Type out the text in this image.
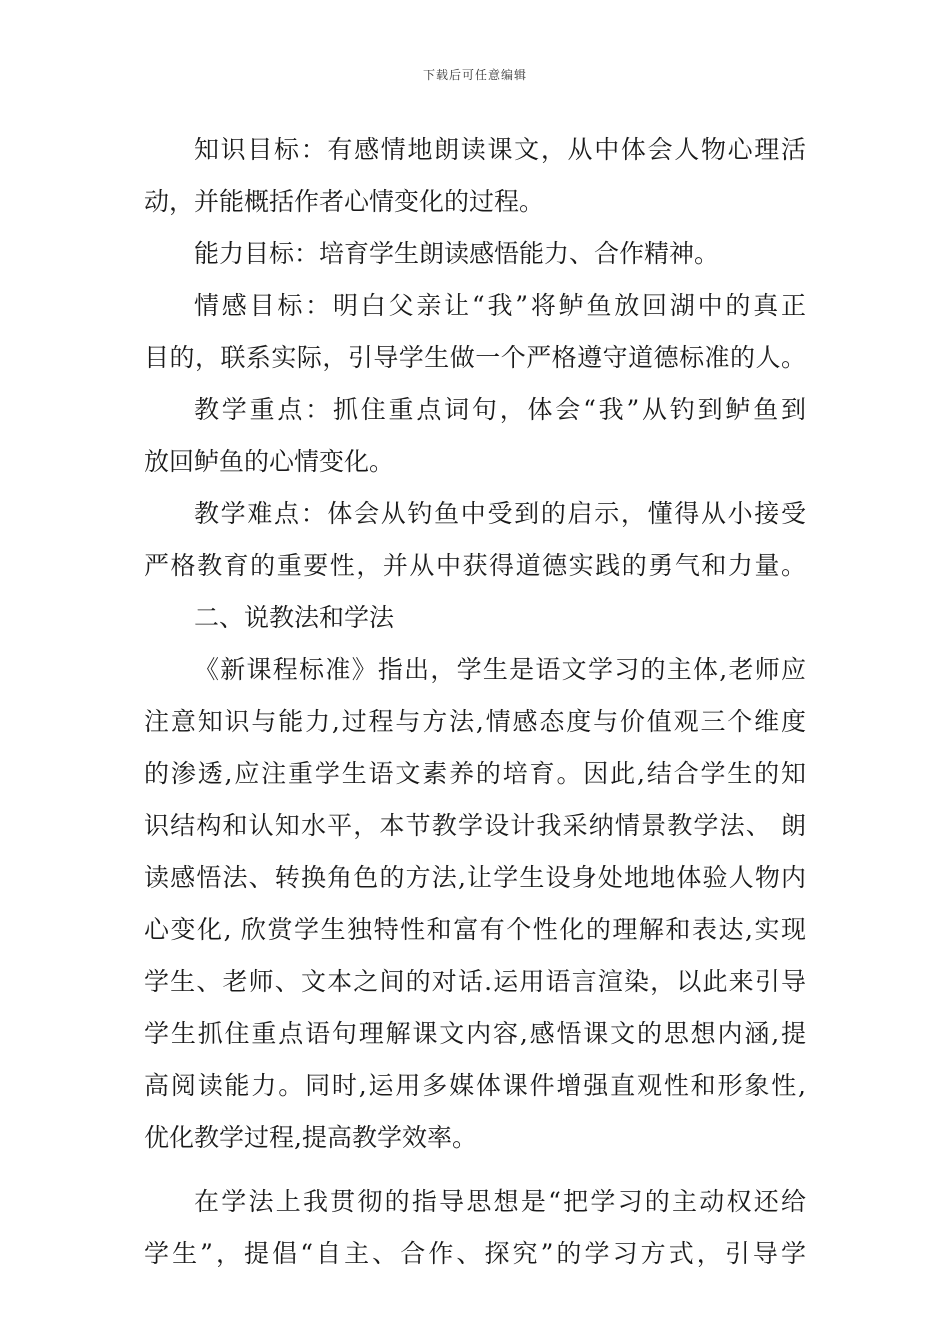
下载后可任意编辑
知识目标：有感情地朗读课文，从中体会人物心理活
动，并能概括作者心情变化的过程。
能力目标：培育学生朗读感悟能力、合作精神。
情感目标：明白父亲让“我”将鲈鱼放回湖中的真正
目的，联系实际，引导学生做一个严格遵守道德标准的人。
教学重点：抓住重点词句，体会“我”从钓到鲈鱼到
放回鲈鱼的心情变化。
教学难点：体会从钓鱼中受到的启示，懂得从小接受
严格教育的重要性，并从中获得道德实践的勇气和力量。
二、说教法和学法
《新课程标准》指出，学生是语文学习的主体,老师应
注意知识与能力,过程与方法,情感态度与价值观三个维度
的渗透,应注重学生语文素养的培育。因此,结合学生的知
识结构和认知水平，本节教学设计我采纳情景教学法、 朗
读感悟法、转换角色的方法,让学生设身处地地体验人物内
心变化, 欣赏学生独特性和富有个性化的理解和表达,实现
学生、老师、文本之间的对话.运用语言渲染，以此来引导
学生抓住重点语句理解课文内容,感悟课文的思想内涵,提
高阅读能力。同时,运用多媒体课件增强直观性和形象性,
优化教学过程,提高教学效率。
在学法上我贯彻的指导思想是“把学习的主动权还给
学生”，提倡“自主、合作、探究”的学习方式，引导学
